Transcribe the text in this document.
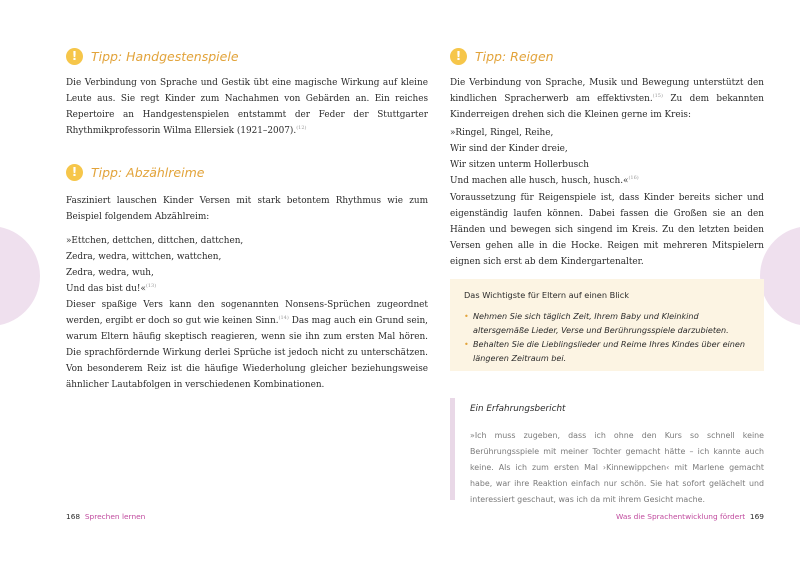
!	Tipp: Handgestenspiele

Die Verbindung von Sprache und Gestik übt eine magische Wirkung auf kleine Leute aus. Sie regt Kinder zum Nachahmen von Gebärden an. Ein reiches Repertoire an Handgestenspielen entstammt der Feder der Stuttgarter Rhythmikprofessorin Wilma Ellersiek (1921–2007).$^{(12)}$

!	Tipp: Abzählreime

Fasziniert lauschen Kinder Versen mit stark betontem Rhythmus wie zum Beispiel folgendem Abzählreim:

»Ettchen, dettchen, dittchen, dattchen,
Zedra, wedra, wittchen, wattchen,
Zedra, wedra, wuh,
Und das bist du!«$^{(13)}$

Dieser spaßige Vers kann den sogenannten Nonsens-Sprüchen zugeordnet werden, ergibt er doch so gut wie keinen Sinn.$^{(14)}$ Das mag auch ein Grund sein, warum Eltern häufig skeptisch reagieren, wenn sie ihn zum ersten Mal hören. Die sprachfördernde Wirkung derlei Sprüche ist jedoch nicht zu unterschätzen. Von besonderem Reiz ist die häufige Wiederholung gleicher beziehungsweise ähnlicher Lautabfolgen in verschiedenen Kombinationen.

168 Sprechen lernen
!	Tipp: Reigen

Die Verbindung von Sprache, Musik und Bewegung unterstützt den kindlichen Spracherwerb am effektivsten.$^{(15)}$ Zu dem bekannten Kinderreigen drehen sich die Kleinen gerne im Kreis:

»Ringel, Ringel, Reihe,
Wir sind der Kinder dreie,
Wir sitzen unterm Hollerbusch
Und machen alle husch, husch, husch.«$^{(16)}$

Voraussetzung für Reigenspiele ist, dass Kinder bereits sicher und eigenständig laufen können. Dabei fassen die Großen sie an den Händen und bewegen sich singend im Kreis. Zu den letzten beiden Versen gehen alle in die Hocke. Reigen mit mehreren Mitspielern eignen sich erst ab dem Kindergartenalter.

Das Wichtigste für Eltern auf einen Blick
• Nehmen Sie sich täglich Zeit, Ihrem Baby und Kleinkind altersgemäße Lieder, Verse und Berührungsspiele darzubieten.
• Behalten Sie die Lieblingslieder und Reime Ihres Kindes über einen längeren Zeitraum bei.
Ein Erfahrungsbericht

»Ich muss zugeben, dass ich ohne den Kurs so schnell keine Berührungsspiele mit meiner Tochter gemacht hätte – ich kannte auch keine. Als ich zum ersten Mal ›Kinnewippchen‹ mit Marlene gemacht habe, war ihre Reaktion einfach nur schön. Sie hat sofort gelächelt und interessiert geschaut, was ich da mit ihrem Gesicht mache.

Was die Sprachentwicklung fördert 169
